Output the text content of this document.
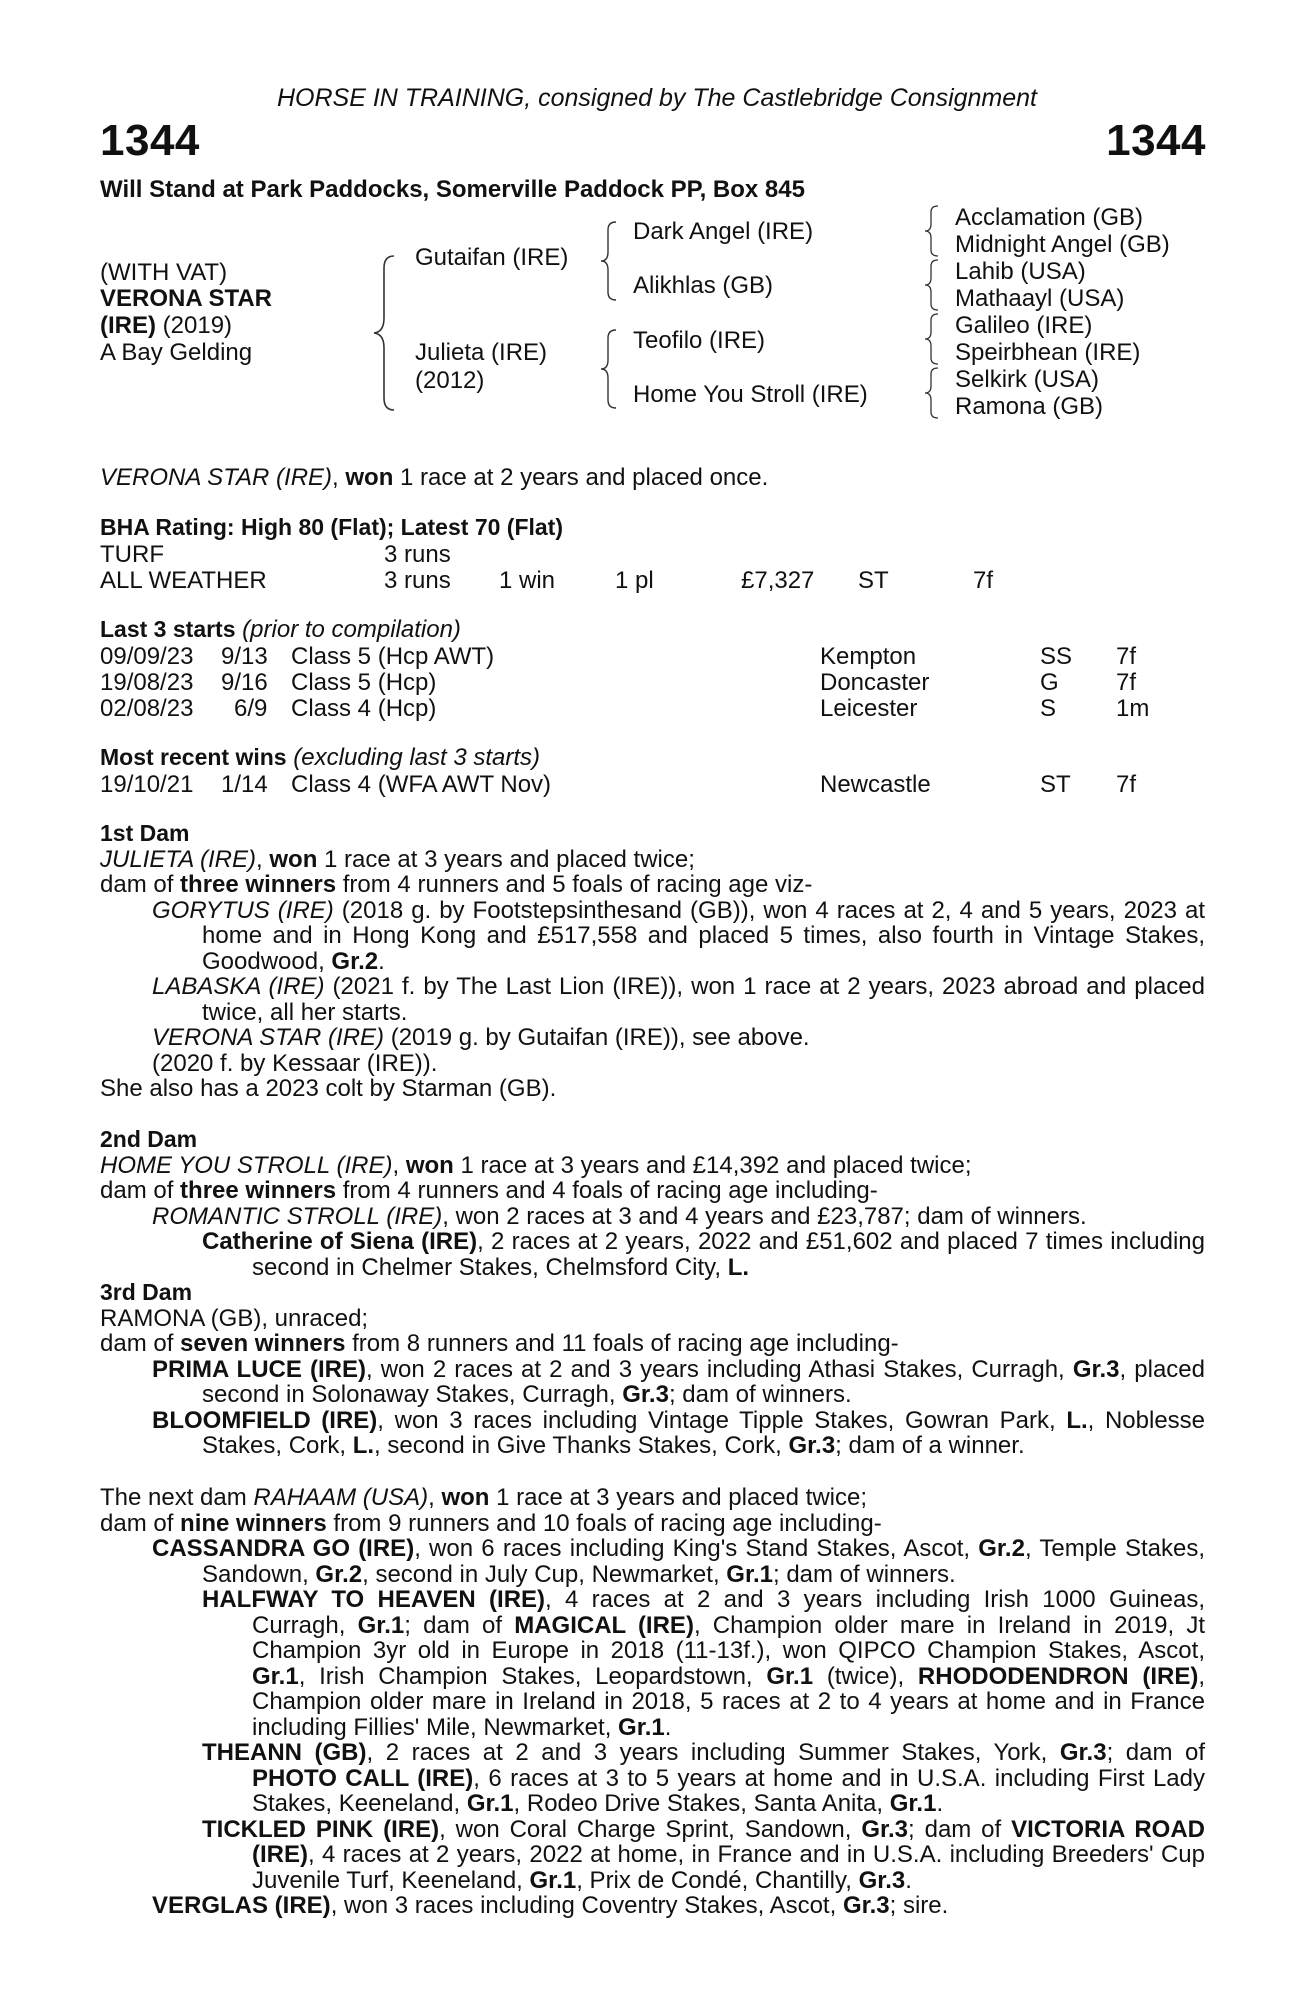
HORSE IN TRAINING, consigned by The Castlebridge Consignment
1344	1344
Will Stand at Park Paddocks, Somerville Paddock PP, Box 845
(WITH VAT)
VERONA STAR
(IRE) (2019)
A Bay Gelding
Gutaifan (IRE)
Julieta (IRE)
(2012)
Dark Angel (IRE)
Alikhlas (GB)
Teofilo (IRE)
Home You Stroll (IRE)
Acclamation (GB)
Midnight Angel (GB)
Lahib (USA)
Mathaayl (USA)
Galileo (IRE)
Speirbhean (IRE)
Selkirk (USA)
Ramona (GB)
VERONA STAR (IRE), won 1 race at 2 years and placed once.
BHA Rating: High 80 (Flat); Latest 70 (Flat)
TURF	3 runs
ALL WEATHER	3 runs 1 win 1 pl	£7,327 ST	7f
Last 3 starts (prior to compilation)
09/09/23 9/13 Class 5 (Hcp AWT)	Kempton	SS 7f
19/08/23 9/16 Class 5 (Hcp)	Doncaster	G 7f
02/08/23 6/9 Class 4 (Hcp)	Leicester	S 1m
Most recent wins (excluding last 3 starts)
19/10/21 1/14 Class 4 (WFA AWT Nov)	Newcastle	ST 7f
1st Dam
JULIETA (IRE), won 1 race at 3 years and placed twice;
dam of three winners from 4 runners and 5 foals of racing age viz-
GORYTUS (IRE) (2018 g. by Footstepsinthesand (GB)), won 4 races at 2, 4 and 5 years, 2023 at home and in Hong Kong and £517,558 and placed 5 times, also fourth in Vintage Stakes, Goodwood, Gr.2.
LABASKA (IRE) (2021 f. by The Last Lion (IRE)), won 1 race at 2 years, 2023 abroad and placed twice, all her starts.
VERONA STAR (IRE) (2019 g. by Gutaifan (IRE)), see above.
(2020 f. by Kessaar (IRE)).
She also has a 2023 colt by Starman (GB).
2nd Dam
HOME YOU STROLL (IRE), won 1 race at 3 years and £14,392 and placed twice;
dam of three winners from 4 runners and 4 foals of racing age including-
ROMANTIC STROLL (IRE), won 2 races at 3 and 4 years and £23,787; dam of winners.
Catherine of Siena (IRE), 2 races at 2 years, 2022 and £51,602 and placed 7 times including second in Chelmer Stakes, Chelmsford City, L.
3rd Dam
RAMONA (GB), unraced;
dam of seven winners from 8 runners and 11 foals of racing age including-
PRIMA LUCE (IRE), won 2 races at 2 and 3 years including Athasi Stakes, Curragh, Gr.3, placed second in Solonaway Stakes, Curragh, Gr.3; dam of winners.
BLOOMFIELD (IRE), won 3 races including Vintage Tipple Stakes, Gowran Park, L., Noblesse Stakes, Cork, L., second in Give Thanks Stakes, Cork, Gr.3; dam of a winner.
The next dam RAHAAM (USA), won 1 race at 3 years and placed twice;
dam of nine winners from 9 runners and 10 foals of racing age including-
CASSANDRA GO (IRE), won 6 races including King's Stand Stakes, Ascot, Gr.2, Temple Stakes, Sandown, Gr.2, second in July Cup, Newmarket, Gr.1; dam of winners.
HALFWAY TO HEAVEN (IRE), 4 races at 2 and 3 years including Irish 1000 Guineas, Curragh, Gr.1; dam of MAGICAL (IRE), Champion older mare in Ireland in 2019, Jt Champion 3yr old in Europe in 2018 (11-13f.), won QIPCO Champion Stakes, Ascot, Gr.1, Irish Champion Stakes, Leopardstown, Gr.1 (twice), RHODODENDRON (IRE), Champion older mare in Ireland in 2018, 5 races at 2 to 4 years at home and in France including Fillies' Mile, Newmarket, Gr.1.
THEANN (GB), 2 races at 2 and 3 years including Summer Stakes, York, Gr.3; dam of PHOTO CALL (IRE), 6 races at 3 to 5 years at home and in U.S.A. including First Lady Stakes, Keeneland, Gr.1, Rodeo Drive Stakes, Santa Anita, Gr.1.
TICKLED PINK (IRE), won Coral Charge Sprint, Sandown, Gr.3; dam of VICTORIA ROAD (IRE), 4 races at 2 years, 2022 at home, in France and in U.S.A. including Breeders' Cup Juvenile Turf, Keeneland, Gr.1, Prix de Condé, Chantilly, Gr.3.
VERGLAS (IRE), won 3 races including Coventry Stakes, Ascot, Gr.3; sire.
